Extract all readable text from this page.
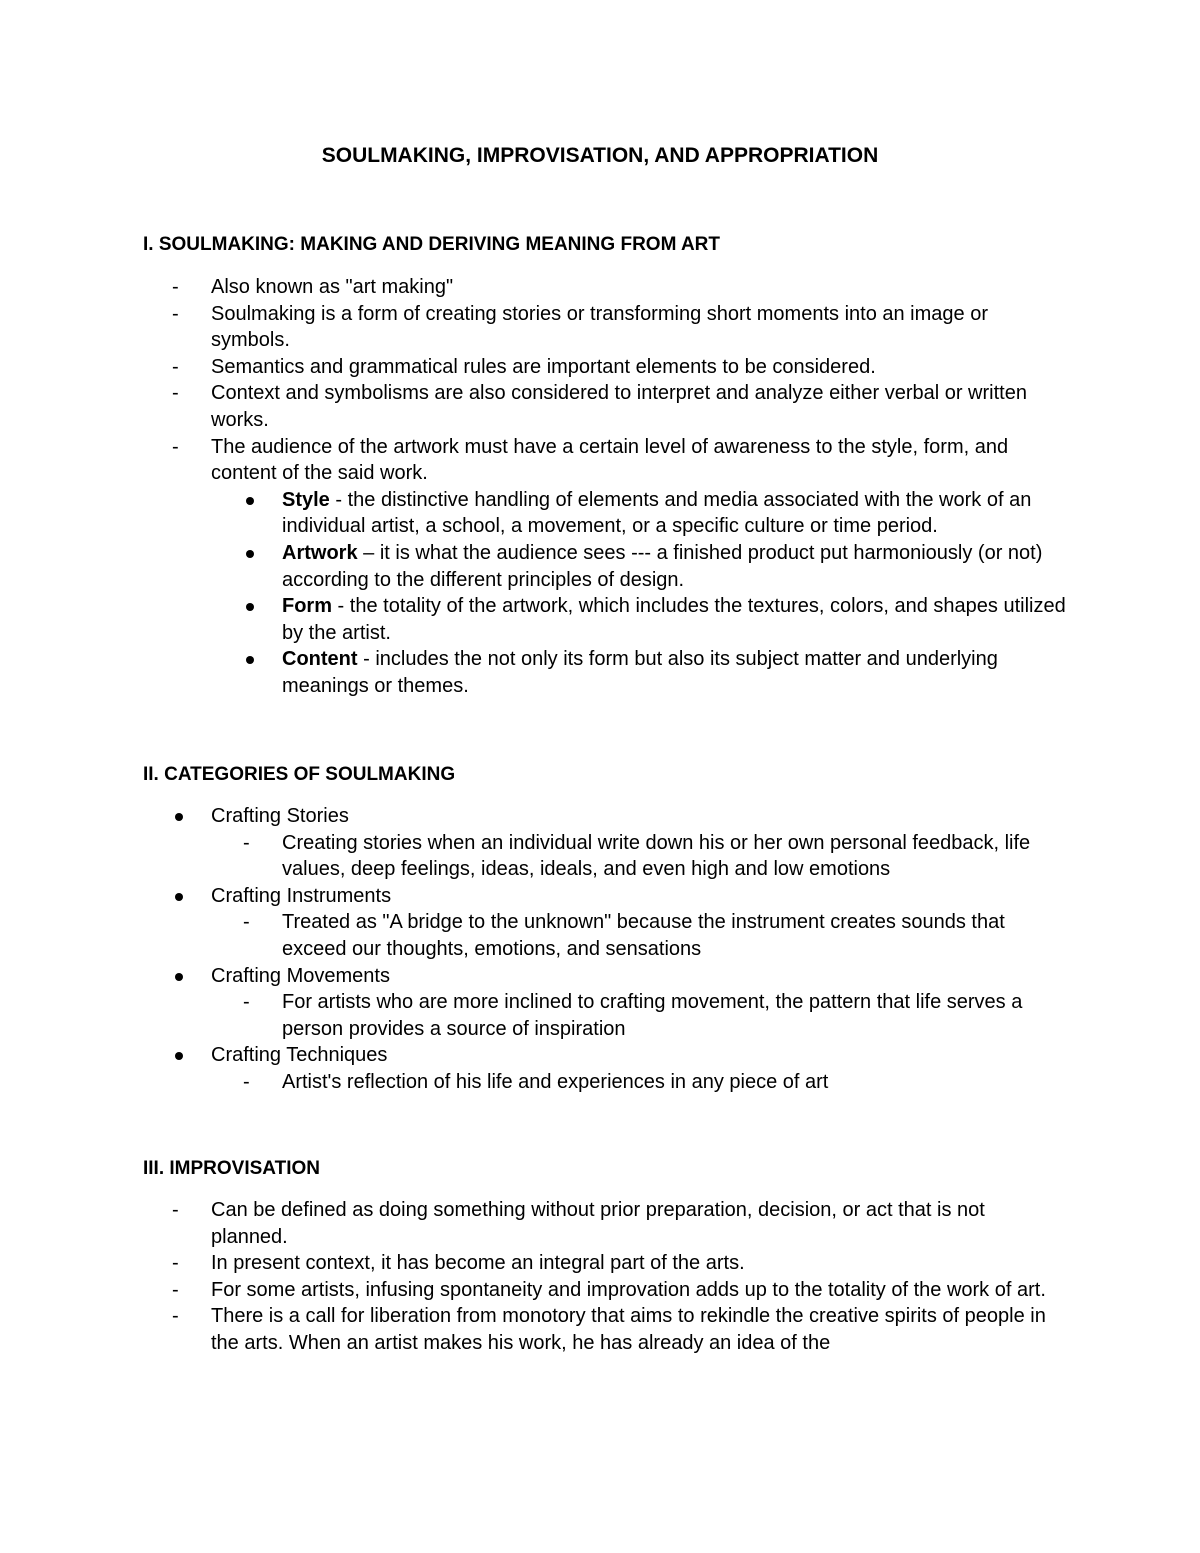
SOULMAKING, IMPROVISATION, AND APPROPRIATION
I. SOULMAKING: MAKING AND DERIVING MEANING FROM ART
- Also known as "art making"
- Soulmaking is a form of creating stories or transforming short moments into an image or symbols.
- Semantics and grammatical rules are important elements to be considered.
- Context and symbolisms are also considered to interpret and analyze either verbal or written works.
- The audience of the artwork must have a certain level of awareness to the style, form, and content of the said work.
Style - the distinctive handling of elements and media associated with the work of an individual artist, a school, a movement, or a specific culture or time period.
Artwork – it is what the audience sees --- a finished product put harmoniously (or not) according to the different principles of design.
Form - the totality of the artwork, which includes the textures, colors, and shapes utilized by the artist.
Content - includes the not only its form but also its subject matter and underlying meanings or themes.
II. CATEGORIES OF SOULMAKING
Crafting Stories
- Creating stories when an individual write down his or her own personal feedback, life values, deep feelings, ideas, ideals, and even high and low emotions
Crafting Instruments
- Treated as "A bridge to the unknown" because the instrument creates sounds that exceed our thoughts, emotions, and sensations
Crafting Movements
- For artists who are more inclined to crafting movement, the pattern that life serves a person provides a source of inspiration
Crafting Techniques
- Artist's reflection of his life and experiences in any piece of art
III. IMPROVISATION
- Can be defined as doing something without prior preparation, decision, or act that is not planned.
- In present context, it has become an integral part of the arts.
- For some artists, infusing spontaneity and improvation adds up to the totality of the work of art.
- There is a call for liberation from monotory that aims to rekindle the creative spirits of people in the arts. When an artist makes his work, he has already an idea of the
